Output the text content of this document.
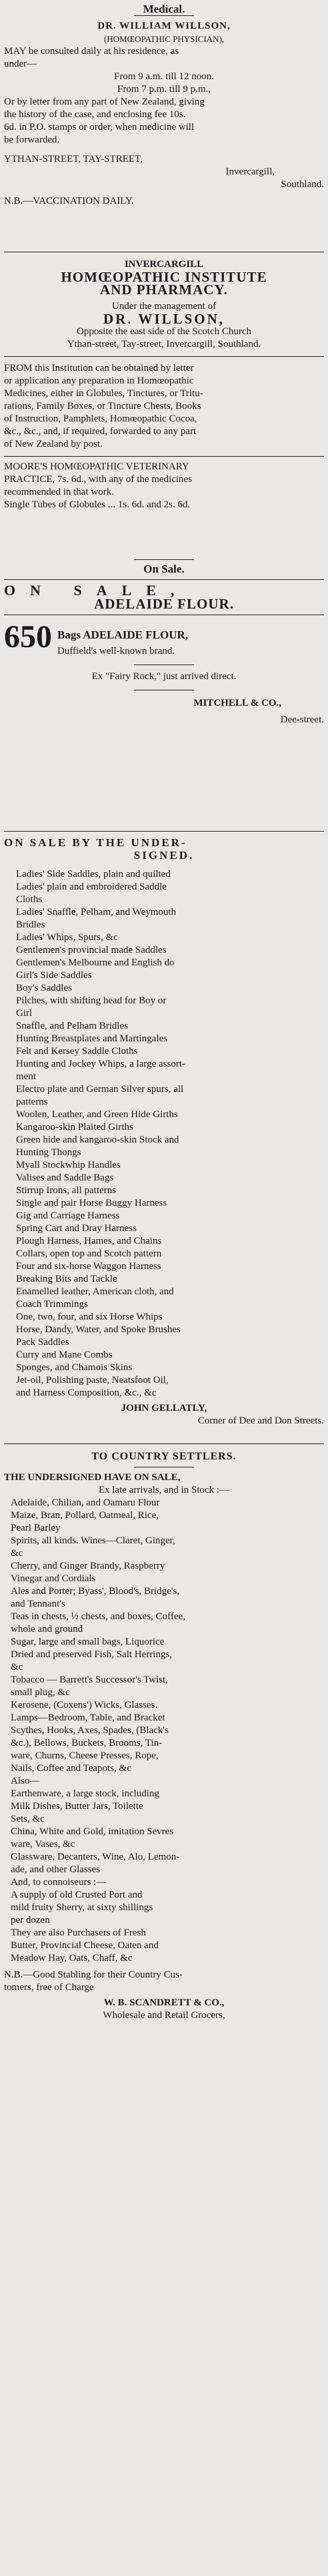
Medical.
DR. WILLIAM WILLSON,
(HOMŒOPATHIC PHYSICIAN),
MAY be consulted daily at his residence, as
under—
From 9 a.m. till 12 noon.
From 7 p.m. till 9 p.m.,
Or by letter from any part of New Zealand, giving
the history of the case, and enclosing fee 10s.
6d. in P.O. stamps or order, when medicine will
be forwarded.
YTHAN-STREET, TAY-STREET,
Invercargill,
Southland.
N.B.—VACCINATION DAILY.
INVERCARGILL
HOMŒOPATHIC INSTITUTE
AND PHARMACY.
Under the management of
DR. WILLSON,
Opposite the east side of the Scotch Church
Ythan-street, Tay-street, Invercargill, Southland.
FROM this Institution can be obtained by letter
or application any preparation in Homœopathic
Medicines, either in Globules, Tinctures, or Tritu-
rations, Family Boxes, or Tincture Chests, Books
of Instruction, Pamphlets, Homœopathic Cocoa,
&c., &c., and, if required, forwarded to any part
of New Zealand by post.
MOORE'S HOMŒOPATHIC VETERINARY
PRACTICE, 7s. 6d., with any of the medicines
recommended in that work.
Single Tubes of Globules ... 1s. 6d. and 2s. 6d.
On Sale.
ON SALE,
ADELAIDE FLOUR.
650 Bags ADELAIDE FLOUR,
Duffield's well-known brand.
Ex "Fairy Rock," just arrived direct.
MITCHELL & CO.,
Dee-street.
ON SALE BY THE UNDER-
SIGNED.
Ladies' Side Saddles, plain and quilted
Ladies' plain and embroidered Saddle
Cloths
Ladies' Snaffle, Pelham, and Weymouth
Bridles
Ladies' Whips, Spurs, &c
Gentlemen's provincial made Saddles
Gentlemen's Melbourne and English do
Girl's Side Saddles
Boy's Saddles
Pilches, with shifting head for Boy or
Girl
Snaffle, and Pelham Bridles
Hunting Breastplates and Martingales
Felt and Kersey Saddle Cloths
Hunting and Jockey Whips, a large assort-
ment
Electro plate and German Silver spurs, all
patterns
Woolen, Leather, and Green Hide Girths
Kangaroo-skin Plaited Girths
Green hide and kangaroo-skin Stock and
Hunting Thongs
Myall Stockwhip Handles
Valises and Saddle Bags
Stirrup Irons, all patterns
Single and pair Horse Buggy Harness
Gig and Carriage Harness
Spring Cart and Dray Harness
Plough Harness, Hames, and Chains
Collars, open top and Scotch pattern
Four and six-horse Waggon Harness
Breaking Bits and Tackle
Enamelled leather, American cloth, and
Coach Trimmings
One, two, four, and six Horse Whips
Horse, Dandy, Water, and Spoke Brushes
Pack Saddles
Curry and Mane Combs
Sponges, and Chamois Skins
Jet-oil, Polishing paste, Neatsfoot Oil,
and Harness Composition, &c., &c
JOHN GELLATLY,
Corner of Dee and Don Streets.
TO COUNTRY SETTLERS.
THE UNDERSIGNED HAVE ON SALE,
Ex late arrivals, and in Stock :—
Adelaide, Chilian, and Oamaru Flour
Maize, Bran, Pollard, Oatmeal, Rice,
Pearl Barley
Spirits, all kinds. Wines—Claret, Ginger,
&c
Cherry, and Ginger Brandy, Raspberry
Vinegar and Cordials
Ales and Porter; Byass', Blood's, Bridge's,
and Tennant's
Teas in chests, ½ chests, and boxes, Coffee,
whole and ground
Sugar, large and small bags, Liquorice
Dried and preserved Fish, Salt Herrings,
&c
Tobacco — Barrett's Successor's Twist,
small plug, &c
Kerosene, (Coxens') Wicks, Glasses.
Lamps—Bedroom, Table, and Bracket
Scythes, Hooks, Axes, Spades, (Black's
&c.), Bellows, Buckets, Brooms, Tin-
ware, Churns, Cheese Presses, Rope,
Nails, Coffee and Teapots, &c
Also—
Earthenware, a large stock, including
Milk Dishes, Butter Jars, Toilette
Sets, &c
China, White and Gold, imitation Sevres
ware, Vases, &c
Glassware, Decanters, Wine, Alo, Lemon-
ade, and other Glasses
And, to connoiseurs :—
A supply of old Crusted Port and
mild fruity Sherry, at sixty shillings
per dozen
They are also Purchasers of Fresh
Butter, Provincial Cheese, Oaten and
Meadow Hay, Oats, Chaff, &c
N.B.—Good Stabling for their Country Cus-
tomers, free of Charge
W. B. SCANDRETT & CO.,
Wholesale and Retail Grocers,
